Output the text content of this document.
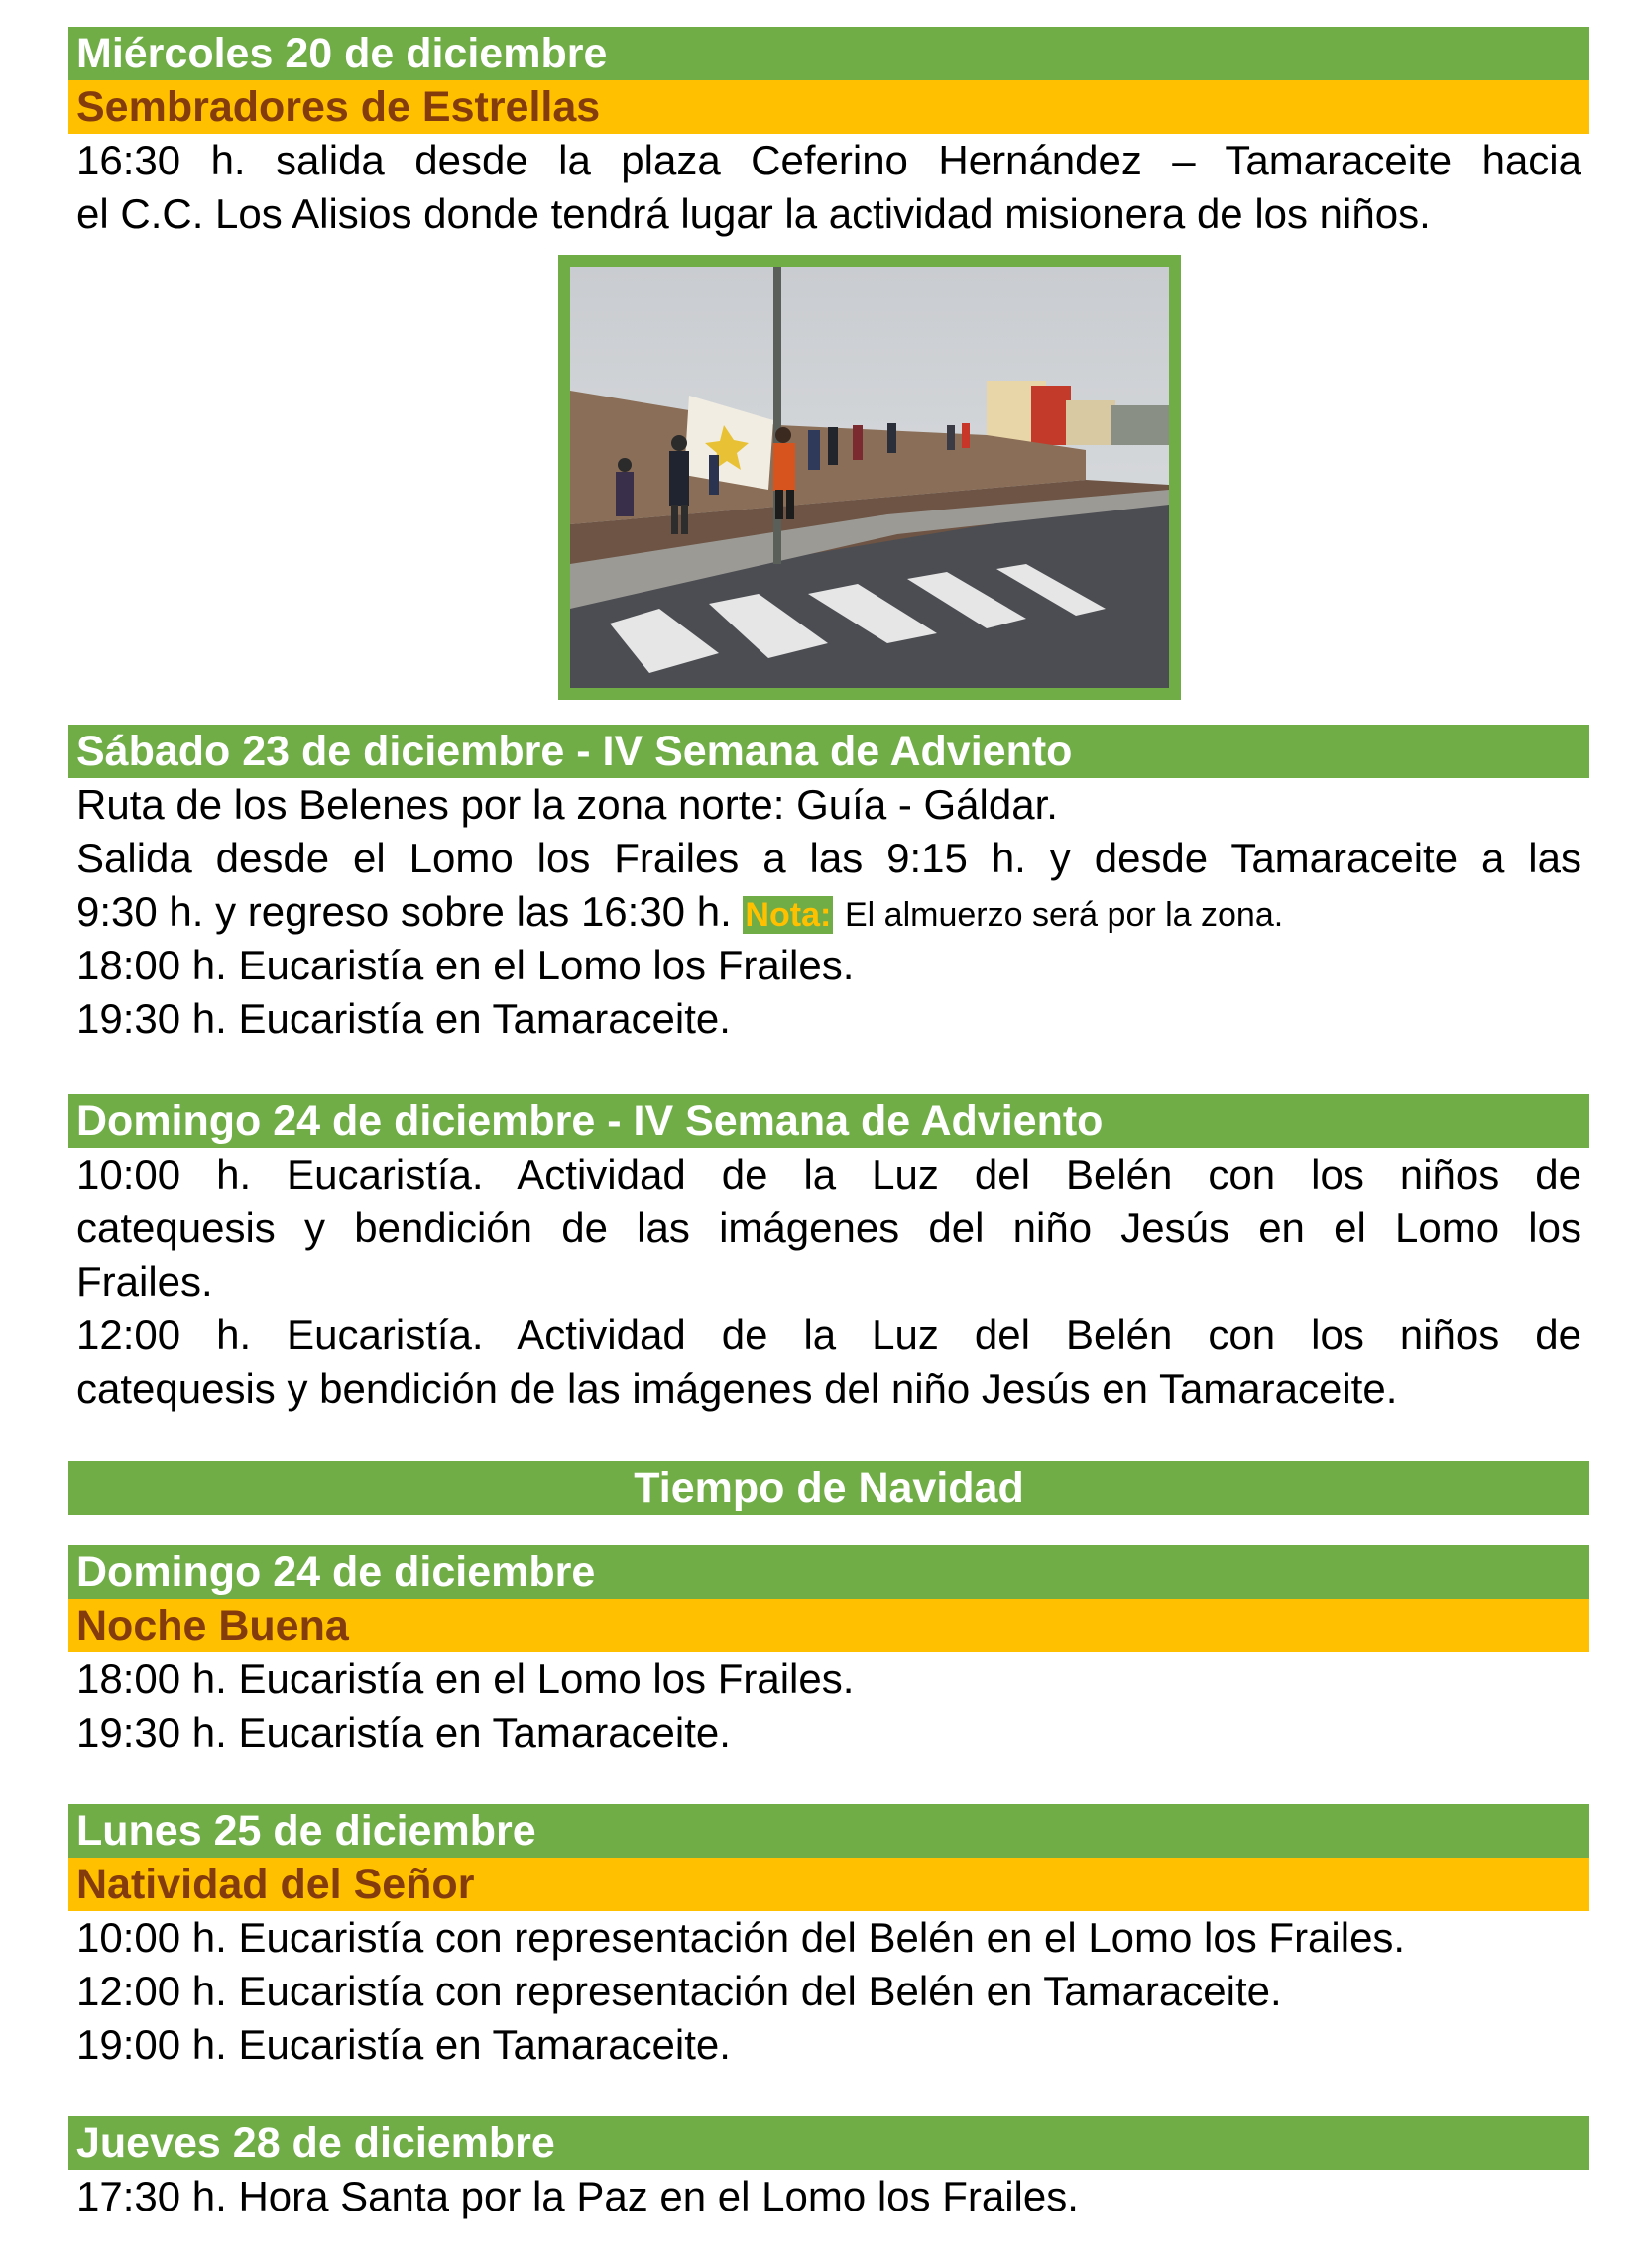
Miércoles 20 de diciembre
Sembradores de Estrellas
16:30 h. salida desde la plaza Ceferino Hernández – Tamaraceite hacia
el C.C. Los Alisios donde tendrá lugar la actividad misionera de los niños.
Sábado 23 de diciembre - IV Semana de Adviento
Ruta de los Belenes por la zona norte: Guía - Gáldar.
Salida desde el Lomo los Frailes a las 9:15 h. y desde Tamaraceite a las
9:30 h. y regreso sobre las 16:30 h. Nota: El almuerzo será por la zona.
18:00 h. Eucaristía en el Lomo los Frailes.
19:30 h. Eucaristía en Tamaraceite.
Domingo 24 de diciembre - IV Semana de Adviento
10:00 h. Eucaristía. Actividad de la Luz del Belén con los niños de
catequesis y bendición de las imágenes del niño Jesús en el Lomo los
Frailes.
12:00 h. Eucaristía. Actividad de la Luz del Belén con los niños de
catequesis y bendición de las imágenes del niño Jesús en Tamaraceite.
Tiempo de Navidad
Domingo 24 de diciembre
Noche Buena
18:00 h. Eucaristía en el Lomo los Frailes.
19:30 h. Eucaristía en Tamaraceite.
Lunes 25 de diciembre
Natividad del Señor
10:00 h. Eucaristía con representación del Belén en el Lomo los Frailes.
12:00 h. Eucaristía con representación del Belén en Tamaraceite.
19:00 h. Eucaristía en Tamaraceite.
Jueves 28 de diciembre
17:30 h. Hora Santa por la Paz en el Lomo los Frailes.
